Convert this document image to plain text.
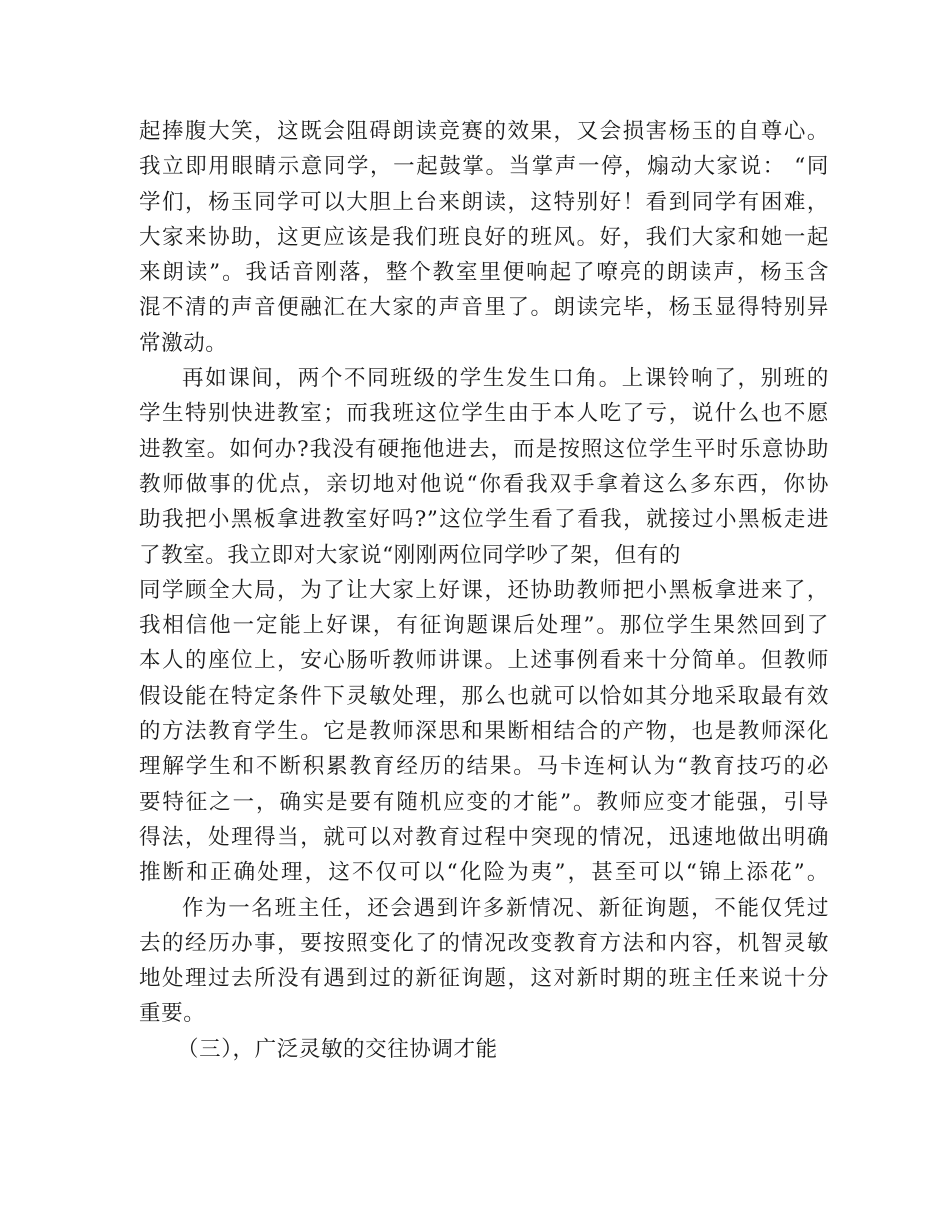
起捧腹大笑，这既会阻碍朗读竞赛的效果，又会损害杨玉的自尊心。
我立即用眼睛示意同学，一起鼓掌。当掌声一停，煽动大家说： “同
学们，杨玉同学可以大胆上台来朗读，这特别好！看到同学有困难，
大家来协助，这更应该是我们班良好的班风。好，我们大家和她一起
来朗读”。我话音刚落，整个教室里便响起了嘹亮的朗读声，杨玉含
混不清的声音便融汇在大家的声音里了。朗读完毕，杨玉显得特别异
常激动。
再如课间，两个不同班级的学生发生口角。上课铃响了，别班的
学生特别快进教室；而我班这位学生由于本人吃了亏，说什么也不愿
进教室。如何办?我没有硬拖他进去，而是按照这位学生平时乐意协助
教师做事的优点，亲切地对他说“你看我双手拿着这么多东西，你协
助我把小黑板拿进教室好吗?”这位学生看了看我，就接过小黑板走进
了教室。我立即对大家说“刚刚两位同学吵了架，但有的
同学顾全大局，为了让大家上好课，还协助教师把小黑板拿进来了，
我相信他一定能上好课，有征询题课后处理”。那位学生果然回到了
本人的座位上，安心肠听教师讲课。上述事例看来十分简单。但教师
假设能在特定条件下灵敏处理，那么也就可以恰如其分地采取最有效
的方法教育学生。它是教师深思和果断相结合的产物，也是教师深化
理解学生和不断积累教育经历的结果。马卡连柯认为“教育技巧的必
要特征之一，确实是要有随机应变的才能”。教师应变才能强，引导
得法，处理得当，就可以对教育过程中突现的情况，迅速地做出明确
推断和正确处理，这不仅可以“化险为夷”，甚至可以“锦上添花”。
作为一名班主任，还会遇到许多新情况、新征询题，不能仅凭过
去的经历办事，要按照变化了的情况改变教育方法和内容，机智灵敏
地处理过去所没有遇到过的新征询题，这对新时期的班主任来说十分
重要。
（三），广泛灵敏的交往协调才能
